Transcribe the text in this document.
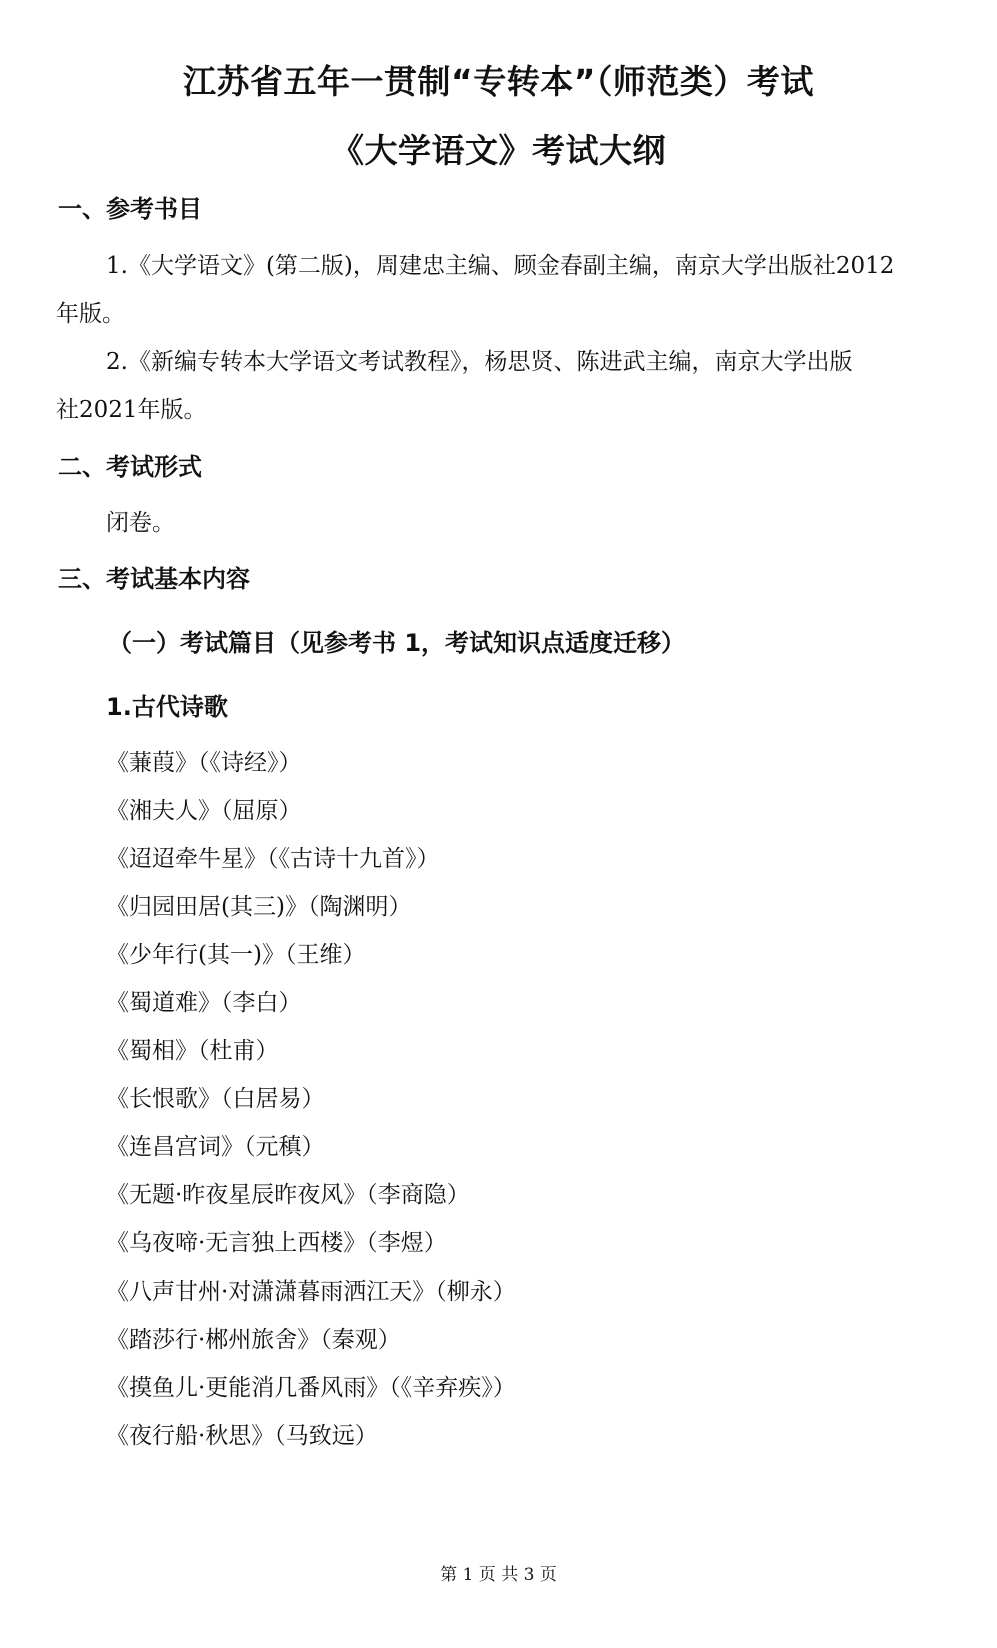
江苏省五年一贯制“专转本”（师范类）考试
《大学语文》考试大纲
一、参考书目
1.《大学语文》(第二版)，周建忠主编、顾金春副主编，南京大学出版社2012
年版。
2.《新编专转本大学语文考试教程》，杨思贤、陈进武主编，南京大学出版
社2021年版。
二、考试形式
闭卷。
三、考试基本内容
（一）考试篇目（见参考书 1，考试知识点适度迁移）
1.古代诗歌
《蒹葭》（《诗经》）
《湘夫人》（屈原）
《迢迢牵牛星》（《古诗十九首》）
《归园田居(其三)》（陶渊明）
《少年行(其一)》（王维）
《蜀道难》（李白）
《蜀相》（杜甫）
《长恨歌》（白居易）
《连昌宫词》（元稹）
《无题·昨夜星辰昨夜风》（李商隐）
《乌夜啼·无言独上西楼》（李煜）
《八声甘州·对潇潇暮雨洒江天》（柳永）
《踏莎行·郴州旅舍》（秦观）
《摸鱼儿·更能消几番风雨》（《辛弃疾》）
《夜行船·秋思》（马致远）
第 1 页 共 3 页
